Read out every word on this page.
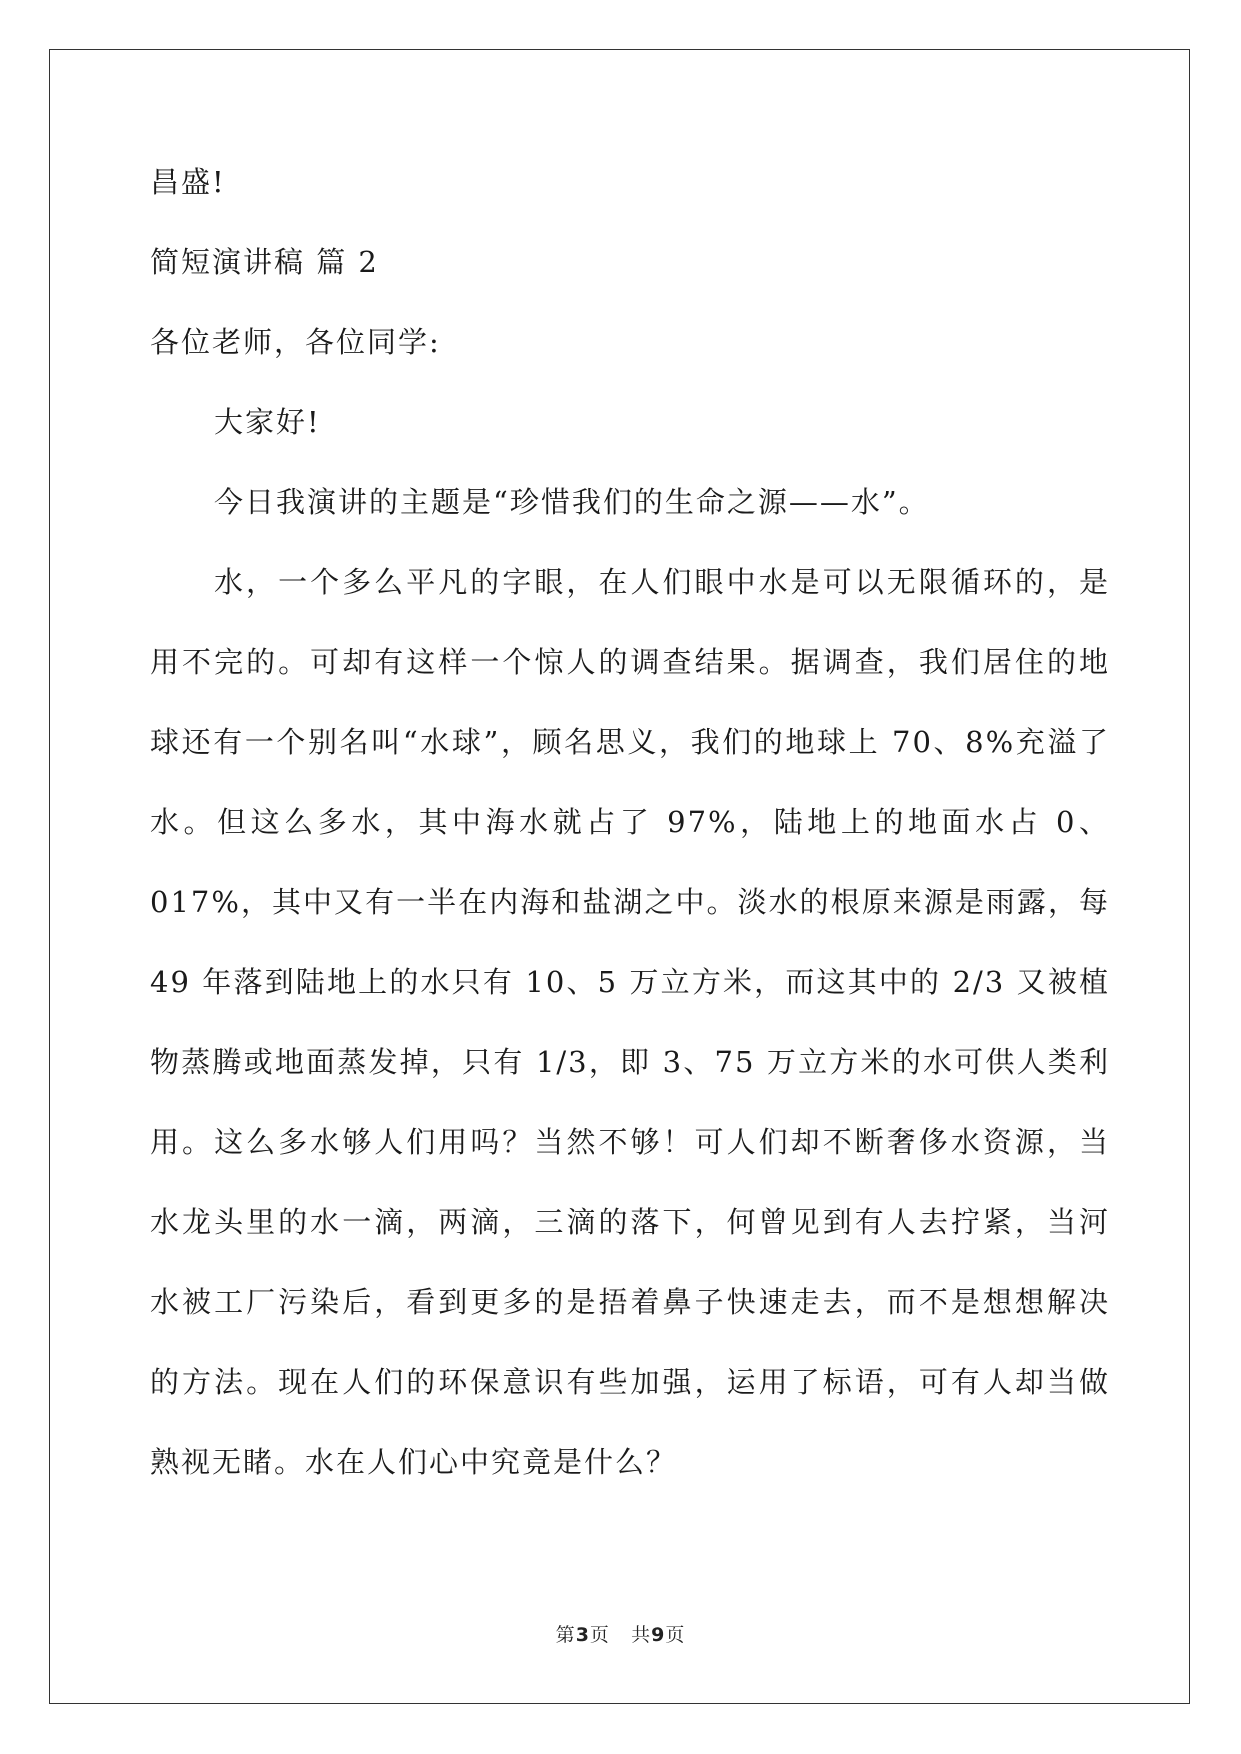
昌盛!
简短演讲稿 篇 2
各位老师，各位同学:
大家好!
今日我演讲的主题是“珍惜我们的生命之源——水”。
水，一个多么平凡的字眼，在人们眼中水是可以无限循环的，是用不完的。可却有这样一个惊人的调查结果。据调查，我们居住的地球还有一个别名叫“水球”，顾名思义，我们的地球上 70、8%充溢了水。但这么多水，其中海水就占了 97%，陆地上的地面水占 0、017%，其中又有一半在内海和盐湖之中。淡水的根原来源是雨露，每 49 年落到陆地上的水只有 10、5 万立方米，而这其中的 2/3 又被植物蒸腾或地面蒸发掉，只有 1/3，即 3、75 万立方米的水可供人类利用。这么多水够人们用吗？当然不够！可人们却不断奢侈水资源，当水龙头里的水一滴，两滴，三滴的落下，何曾见到有人去拧紧，当河水被工厂污染后，看到更多的是捂着鼻子快速走去，而不是想想解决的方法。现在人们的环保意识有些加强，运用了标语，可有人却当做熟视无睹。水在人们心中究竟是什么？
第3页 共9页
